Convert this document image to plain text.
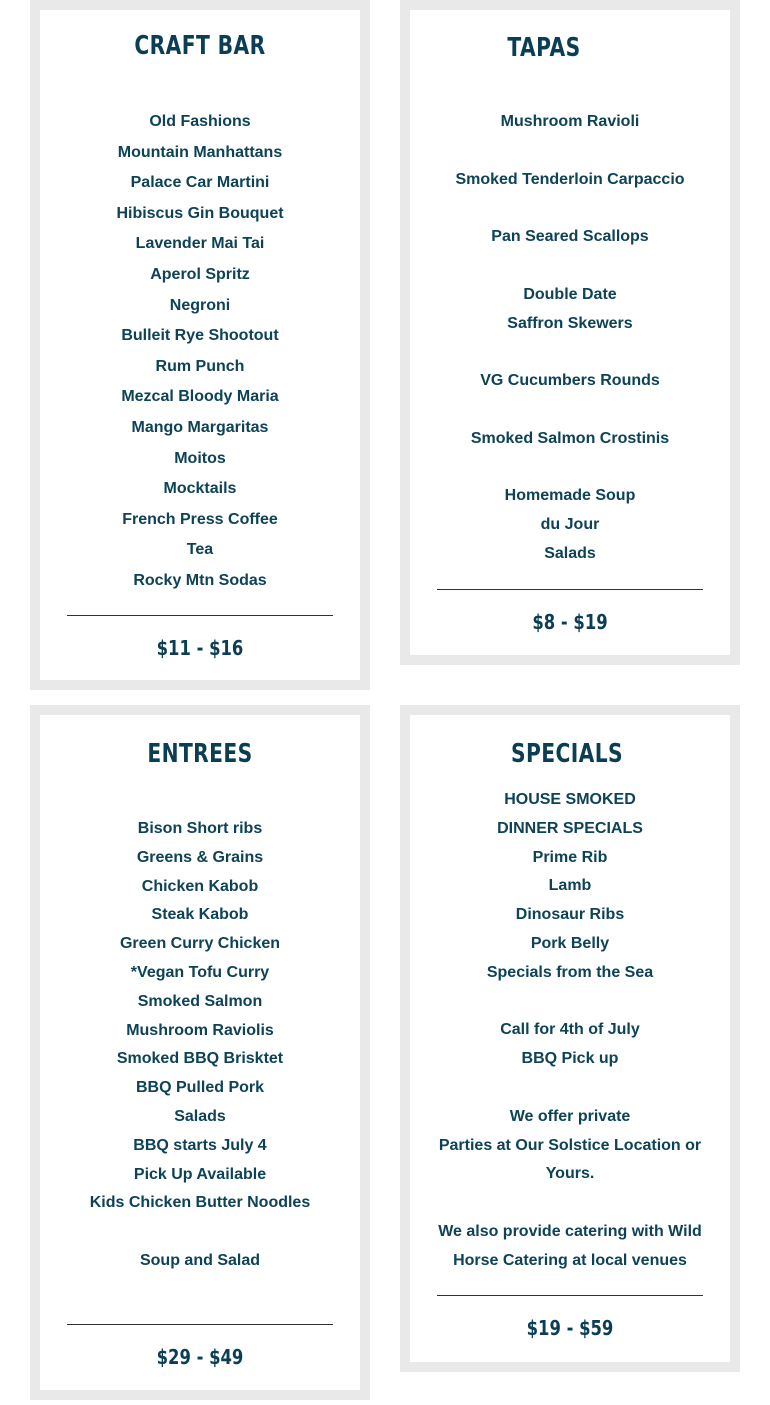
CRAFT BAR
Old Fashions
Mountain Manhattans
Palace Car Martini
Hibiscus Gin Bouquet
Lavender Mai Tai
Aperol Spritz
Negroni
Bulleit Rye Shootout
Rum Punch
Mezcal Bloody Maria
Mango Margaritas
Moitos
Mocktails
French Press Coffee
Tea
Rocky Mtn Sodas
$11 - $16
TAPAS
Mushroom Ravioli
Smoked Tenderloin Carpaccio
Pan Seared Scallops
Double Date
Saffron Skewers
VG Cucumbers Rounds
Smoked Salmon Crostinis
Homemade Soup
du Jour
Salads
$8 - $19
ENTREES
Bison Short ribs
Greens & Grains
Chicken Kabob
Steak Kabob
Green Curry Chicken
*Vegan Tofu Curry
Smoked Salmon
Mushroom Raviolis
Smoked BBQ Brisktet
BBQ Pulled Pork
Salads
BBQ starts July 4
Pick Up Available
Kids Chicken Butter Noodles
Soup and Salad
$29 - $49
SPECIALS
HOUSE SMOKED
DINNER SPECIALS
Prime Rib
Lamb
Dinosaur Ribs
Pork Belly
Specials from the Sea
Call for 4th of July
BBQ Pick up
We offer private
Parties at Our Solstice Location or
Yours.
We also provide catering with Wild
Horse Catering at local venues
$19 - $59
